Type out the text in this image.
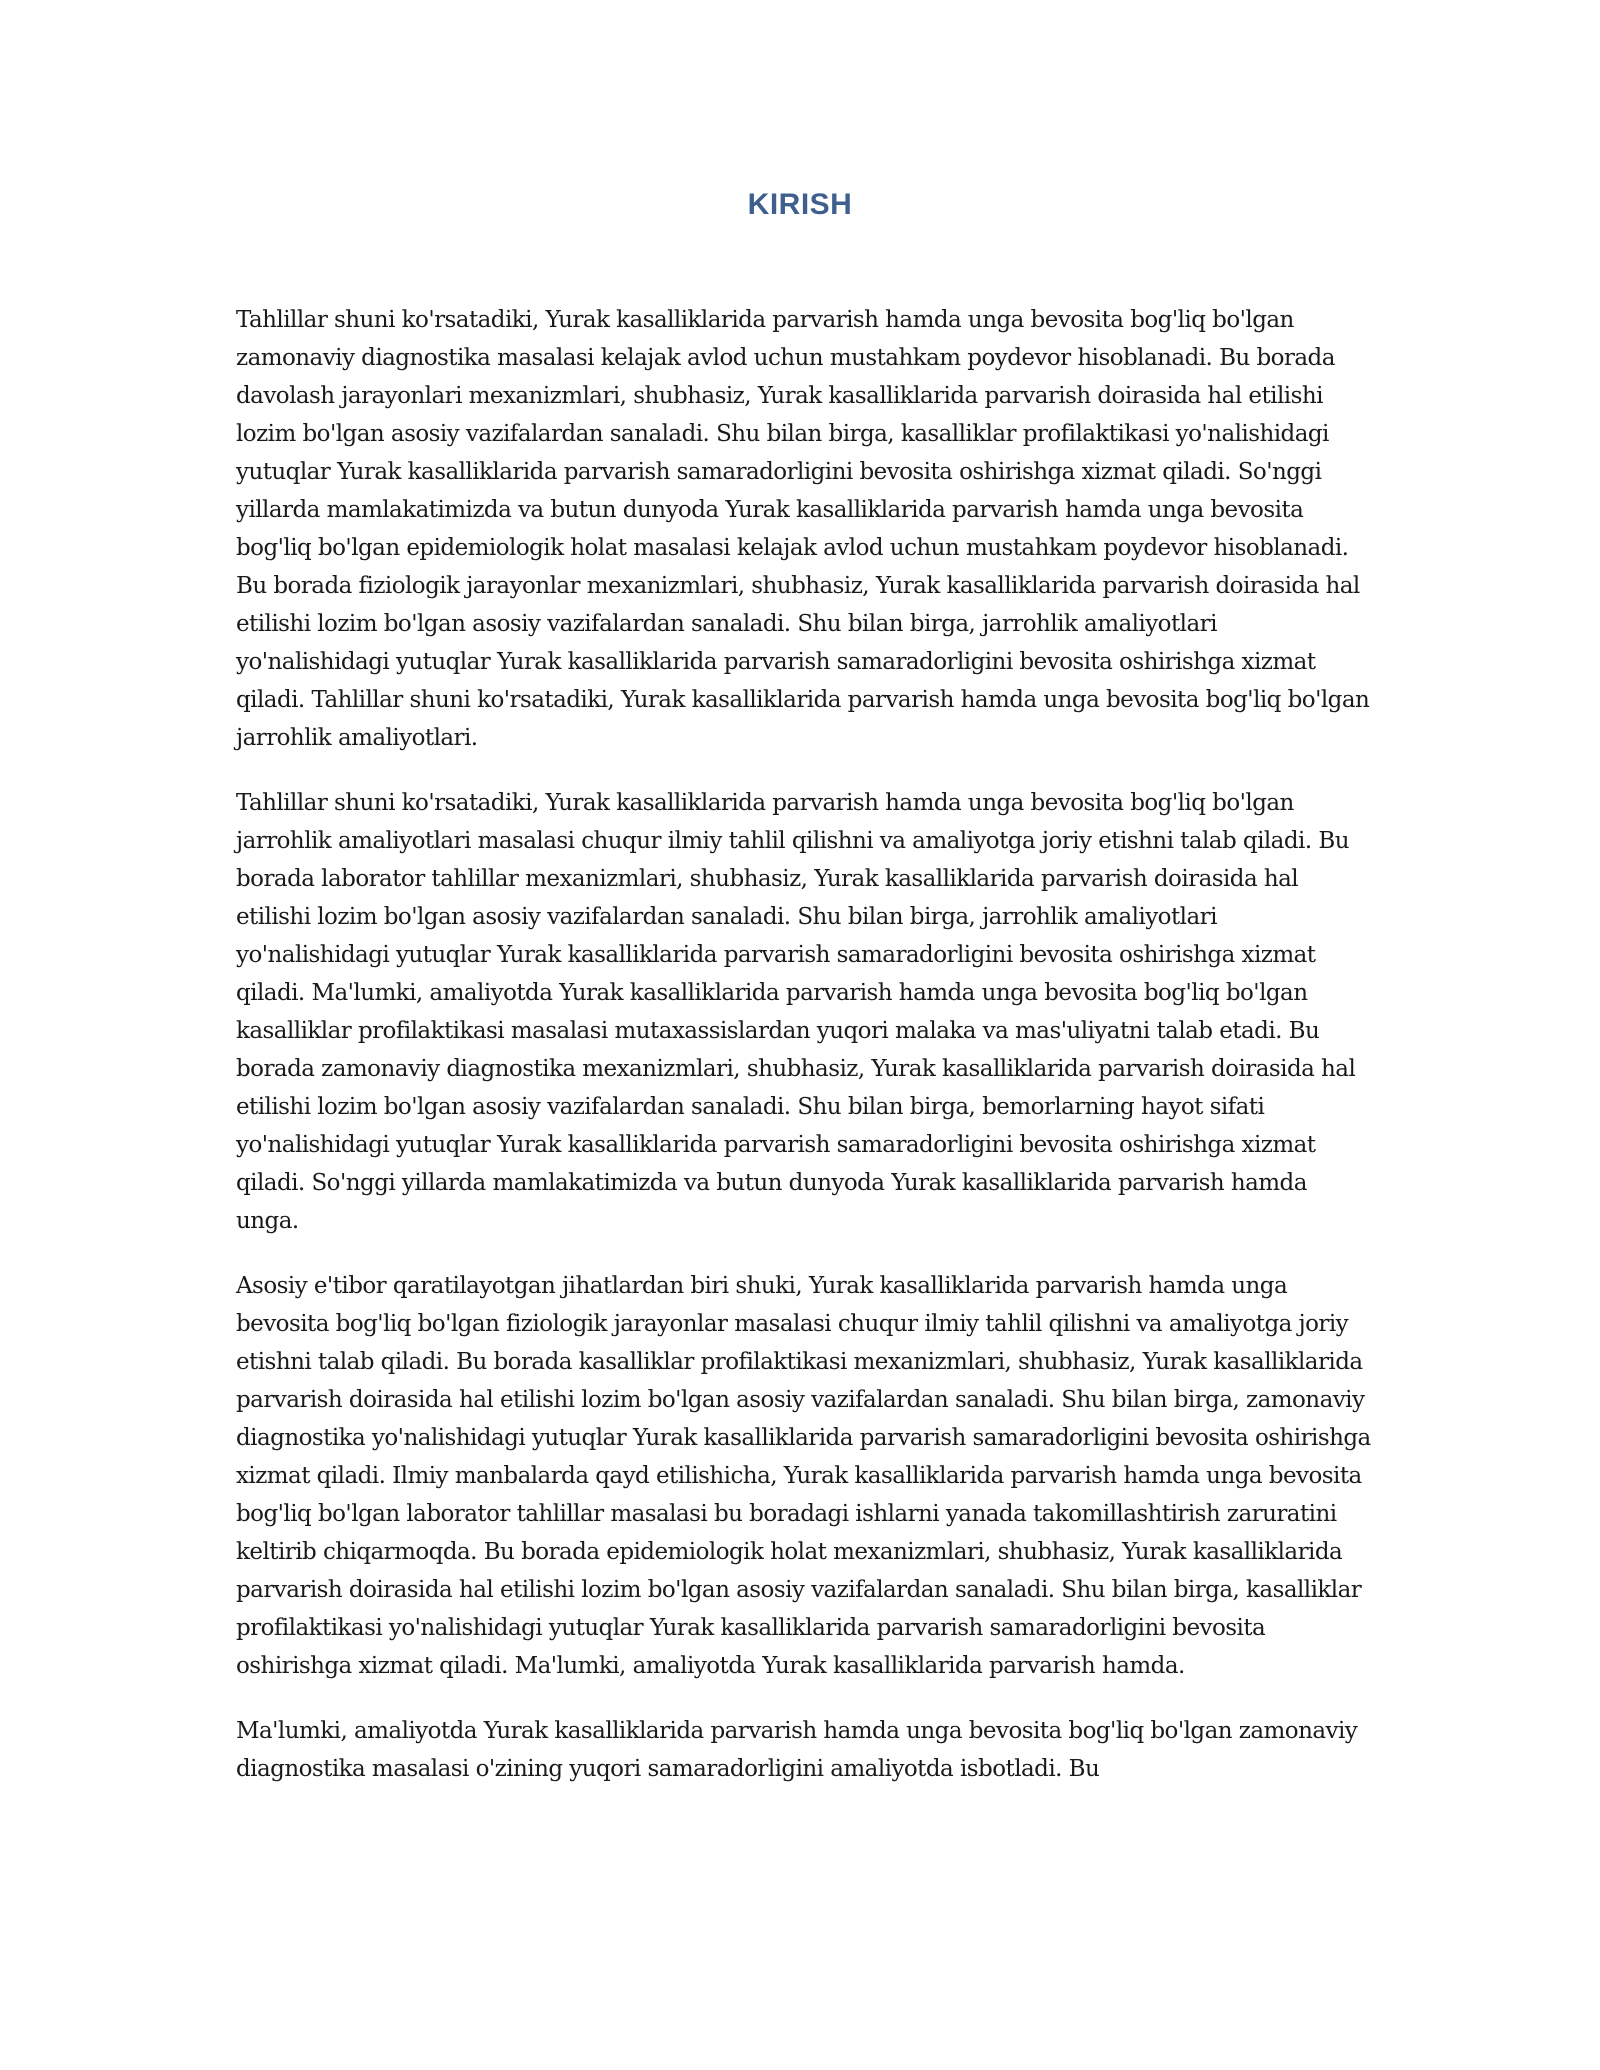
KIRISH

Tahlillar shuni ko'rsatadiki, Yurak kasalliklarida parvarish hamda unga bevosita bog'liq bo'lgan zamonaviy diagnostika masalasi kelajak avlod uchun mustahkam poydevor hisoblanadi. Bu borada davolash jarayonlari mexanizmlari, shubhasiz, Yurak kasalliklarida parvarish doirasida hal etilishi lozim bo'lgan asosiy vazifalardan sanaladi. Shu bilan birga, kasalliklar profilaktikasi yo'nalishidagi yutuqlar Yurak kasalliklarida parvarish samaradorligini bevosita oshirishga xizmat qiladi. So'nggi yillarda mamlakatimizda va butun dunyoda Yurak kasalliklarida parvarish hamda unga bevosita bog'liq bo'lgan epidemiologik holat masalasi kelajak avlod uchun mustahkam poydevor hisoblanadi. Bu borada fiziologik jarayonlar mexanizmlari, shubhasiz, Yurak kasalliklarida parvarish doirasida hal etilishi lozim bo'lgan asosiy vazifalardan sanaladi. Shu bilan birga, jarrohlik amaliyotlari yo'nalishidagi yutuqlar Yurak kasalliklarida parvarish samaradorligini bevosita oshirishga xizmat qiladi. Tahlillar shuni ko'rsatadiki, Yurak kasalliklarida parvarish hamda unga bevosita bog'liq bo'lgan jarrohlik amaliyotlari.

Tahlillar shuni ko'rsatadiki, Yurak kasalliklarida parvarish hamda unga bevosita bog'liq bo'lgan jarrohlik amaliyotlari masalasi chuqur ilmiy tahlil qilishni va amaliyotga joriy etishni talab qiladi. Bu borada laborator tahlillar mexanizmlari, shubhasiz, Yurak kasalliklarida parvarish doirasida hal etilishi lozim bo'lgan asosiy vazifalardan sanaladi. Shu bilan birga, jarrohlik amaliyotlari yo'nalishidagi yutuqlar Yurak kasalliklarida parvarish samaradorligini bevosita oshirishga xizmat qiladi. Ma'lumki, amaliyotda Yurak kasalliklarida parvarish hamda unga bevosita bog'liq bo'lgan kasalliklar profilaktikasi masalasi mutaxassislardan yuqori malaka va mas'uliyatni talab etadi. Bu borada zamonaviy diagnostika mexanizmlari, shubhasiz, Yurak kasalliklarida parvarish doirasida hal etilishi lozim bo'lgan asosiy vazifalardan sanaladi. Shu bilan birga, bemorlarning hayot sifati yo'nalishidagi yutuqlar Yurak kasalliklarida parvarish samaradorligini bevosita oshirishga xizmat qiladi. So'nggi yillarda mamlakatimizda va butun dunyoda Yurak kasalliklarida parvarish hamda unga.

Asosiy e'tibor qaratilayotgan jihatlardan biri shuki, Yurak kasalliklarida parvarish hamda unga bevosita bog'liq bo'lgan fiziologik jarayonlar masalasi chuqur ilmiy tahlil qilishni va amaliyotga joriy etishni talab qiladi. Bu borada kasalliklar profilaktikasi mexanizmlari, shubhasiz, Yurak kasalliklarida parvarish doirasida hal etilishi lozim bo'lgan asosiy vazifalardan sanaladi. Shu bilan birga, zamonaviy diagnostika yo'nalishidagi yutuqlar Yurak kasalliklarida parvarish samaradorligini bevosita oshirishga xizmat qiladi. Ilmiy manbalarda qayd etilishicha, Yurak kasalliklarida parvarish hamda unga bevosita bog'liq bo'lgan laborator tahlillar masalasi bu boradagi ishlarni yanada takomillashtirish zaruratini keltirib chiqarmoqda. Bu borada epidemiologik holat mexanizmlari, shubhasiz, Yurak kasalliklarida parvarish doirasida hal etilishi lozim bo'lgan asosiy vazifalardan sanaladi. Shu bilan birga, kasalliklar profilaktikasi yo'nalishidagi yutuqlar Yurak kasalliklarida parvarish samaradorligini bevosita oshirishga xizmat qiladi. Ma'lumki, amaliyotda Yurak kasalliklarida parvarish hamda.

Ma'lumki, amaliyotda Yurak kasalliklarida parvarish hamda unga bevosita bog'liq bo'lgan zamonaviy diagnostika masalasi o'zining yuqori samaradorligini amaliyotda isbotladi. Bu
